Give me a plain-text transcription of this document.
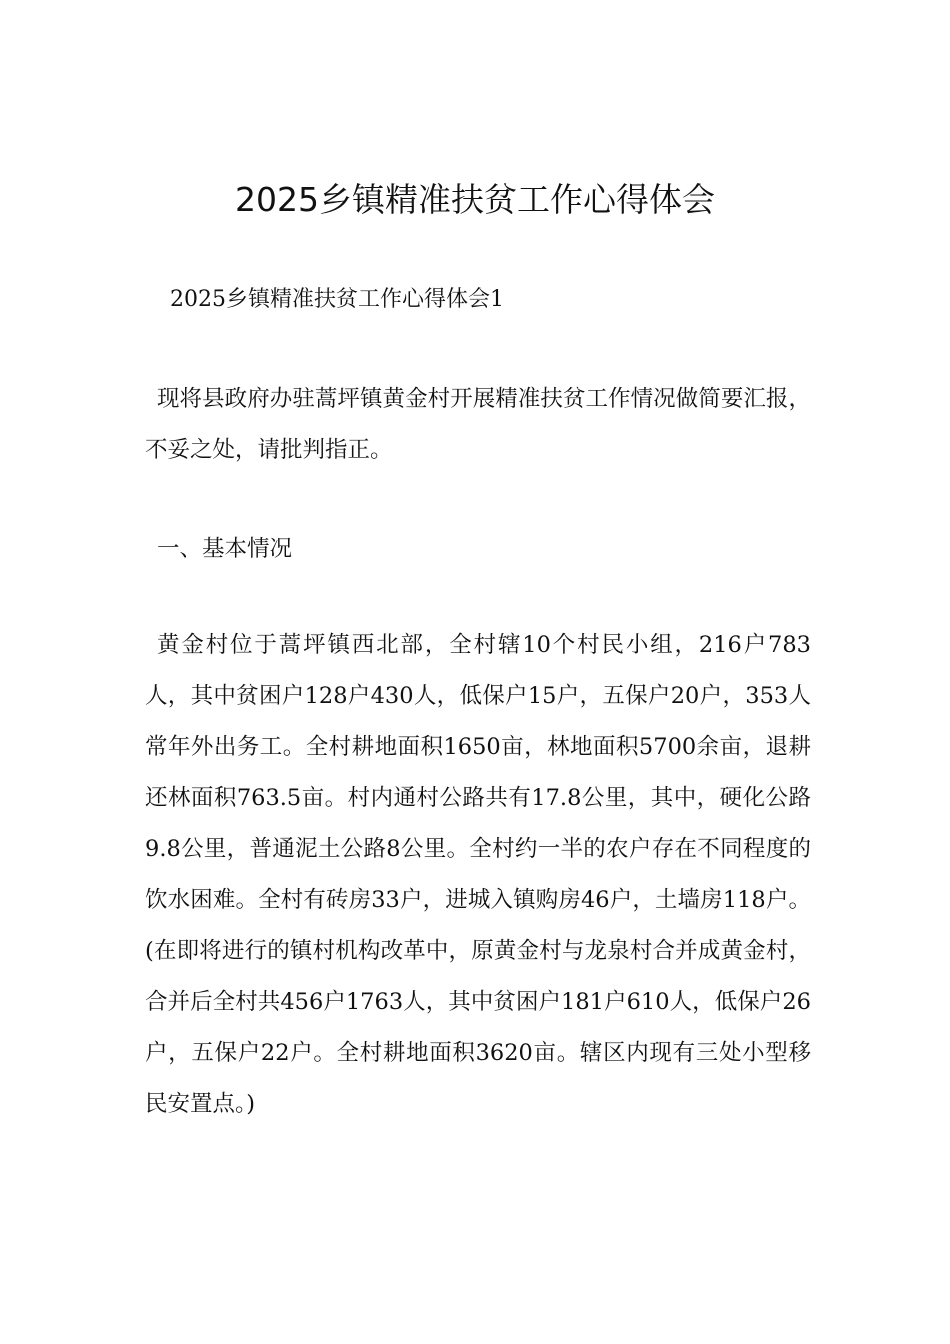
2025乡镇精准扶贫工作心得体会

2025乡镇精准扶贫工作心得体会1

现将县政府办驻蒿坪镇黄金村开展精准扶贫工作情况做简要汇报，不妥之处，请批判指正。

一、基本情况

黄金村位于蒿坪镇西北部，全村辖10个村民小组，216户783人，其中贫困户128户430人，低保户15户，五保户20户，353人常年外出务工。全村耕地面积1650亩，林地面积5700余亩，退耕还林面积763.5亩。村内通村公路共有17.8公里，其中，硬化公路9.8公里，普通泥土公路8公里。全村约一半的农户存在不同程度的饮水困难。全村有砖房33户，进城入镇购房46户，土墙房118户。(在即将进行的镇村机构改革中，原黄金村与龙泉村合并成黄金村，合并后全村共456户1763人，其中贫困户181户610人，低保户26户，五保户22户。全村耕地面积3620亩。辖区内现有三处小型移民安置点。)
